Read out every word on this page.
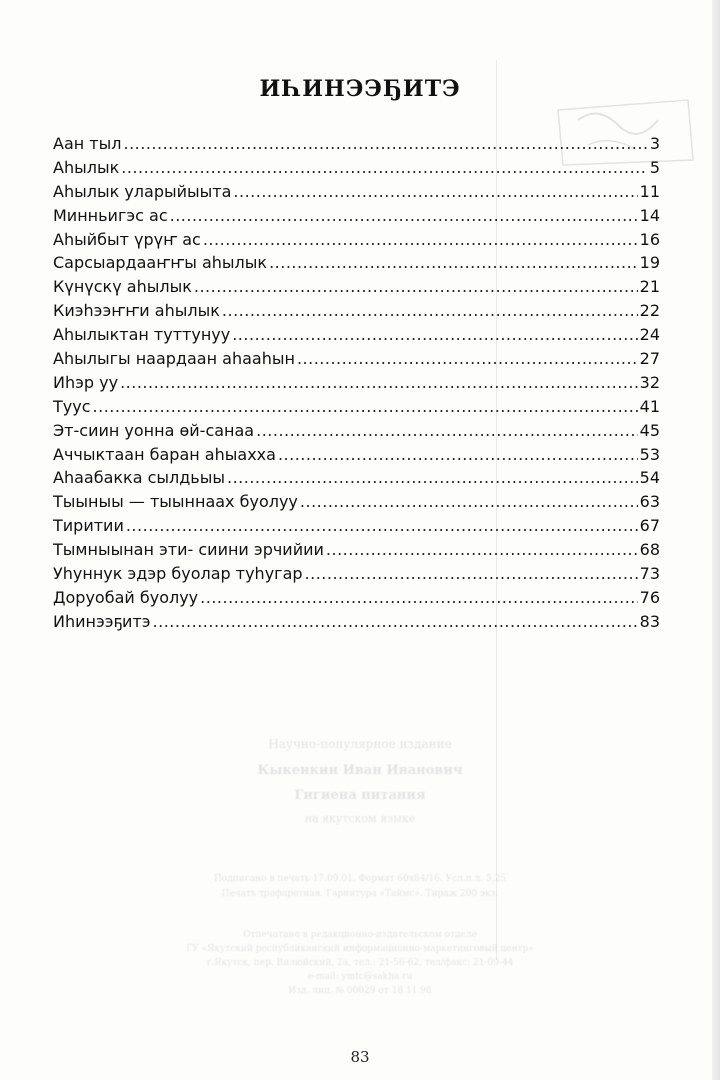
ИҺИНЭЭҔИТЭ
Аан тыл .....	3
Аһылык .....	5
Аһылык уларыйыыта .....	11
Минньигэс ас .....	14
Аһыйбыт үрүҥ ас .....	16
Сарсыардааҥҥы аһылык .....	19
Күнүскү аһылык .....	21
Киэһээҥҥи аһылык .....	22
Аһылыктан туттунуу .....	24
Аһылыгы наардаан аһааһын .....	27
Иһэр уу .....	32
Туус .....	41
Эт-сиин уонна өй-санаа .....	45
Аччыктаан баран аһыахха .....	53
Аһаабакка сылдьыы .....	54
Тыыныы — тыыннаах буолуу .....	63
Тиритии .....	67
Тымныынан эти- сиини эрчийии .....	68
Уһуннук эдэр буолар туһугар .....	73
Доруобай буолуу .....	76
Иһинээҕитэ .....	83
Научно-популярное издание
Кыкенкин Иван Иванович
Гигиена питания
на якутском языке
Подписано в печать 17.09.01. Формат 60х84/16. Усл.п.л. 5,25
Печать трафаретная. Гарнитура «Таймс». Тираж 200 экз.
Отпечатано в редакционно-издательском отделе
ГУ «Якутский республиканский информационно-маркетинговый центр»
г.Якутск, пер. Вилюйский, 2а, тел.: 21-56-62, тел/факс: 21-09-44
e-mail: ymtc@sakha.ru
Изд. лиц. № 00029 от 18.11.98
83
